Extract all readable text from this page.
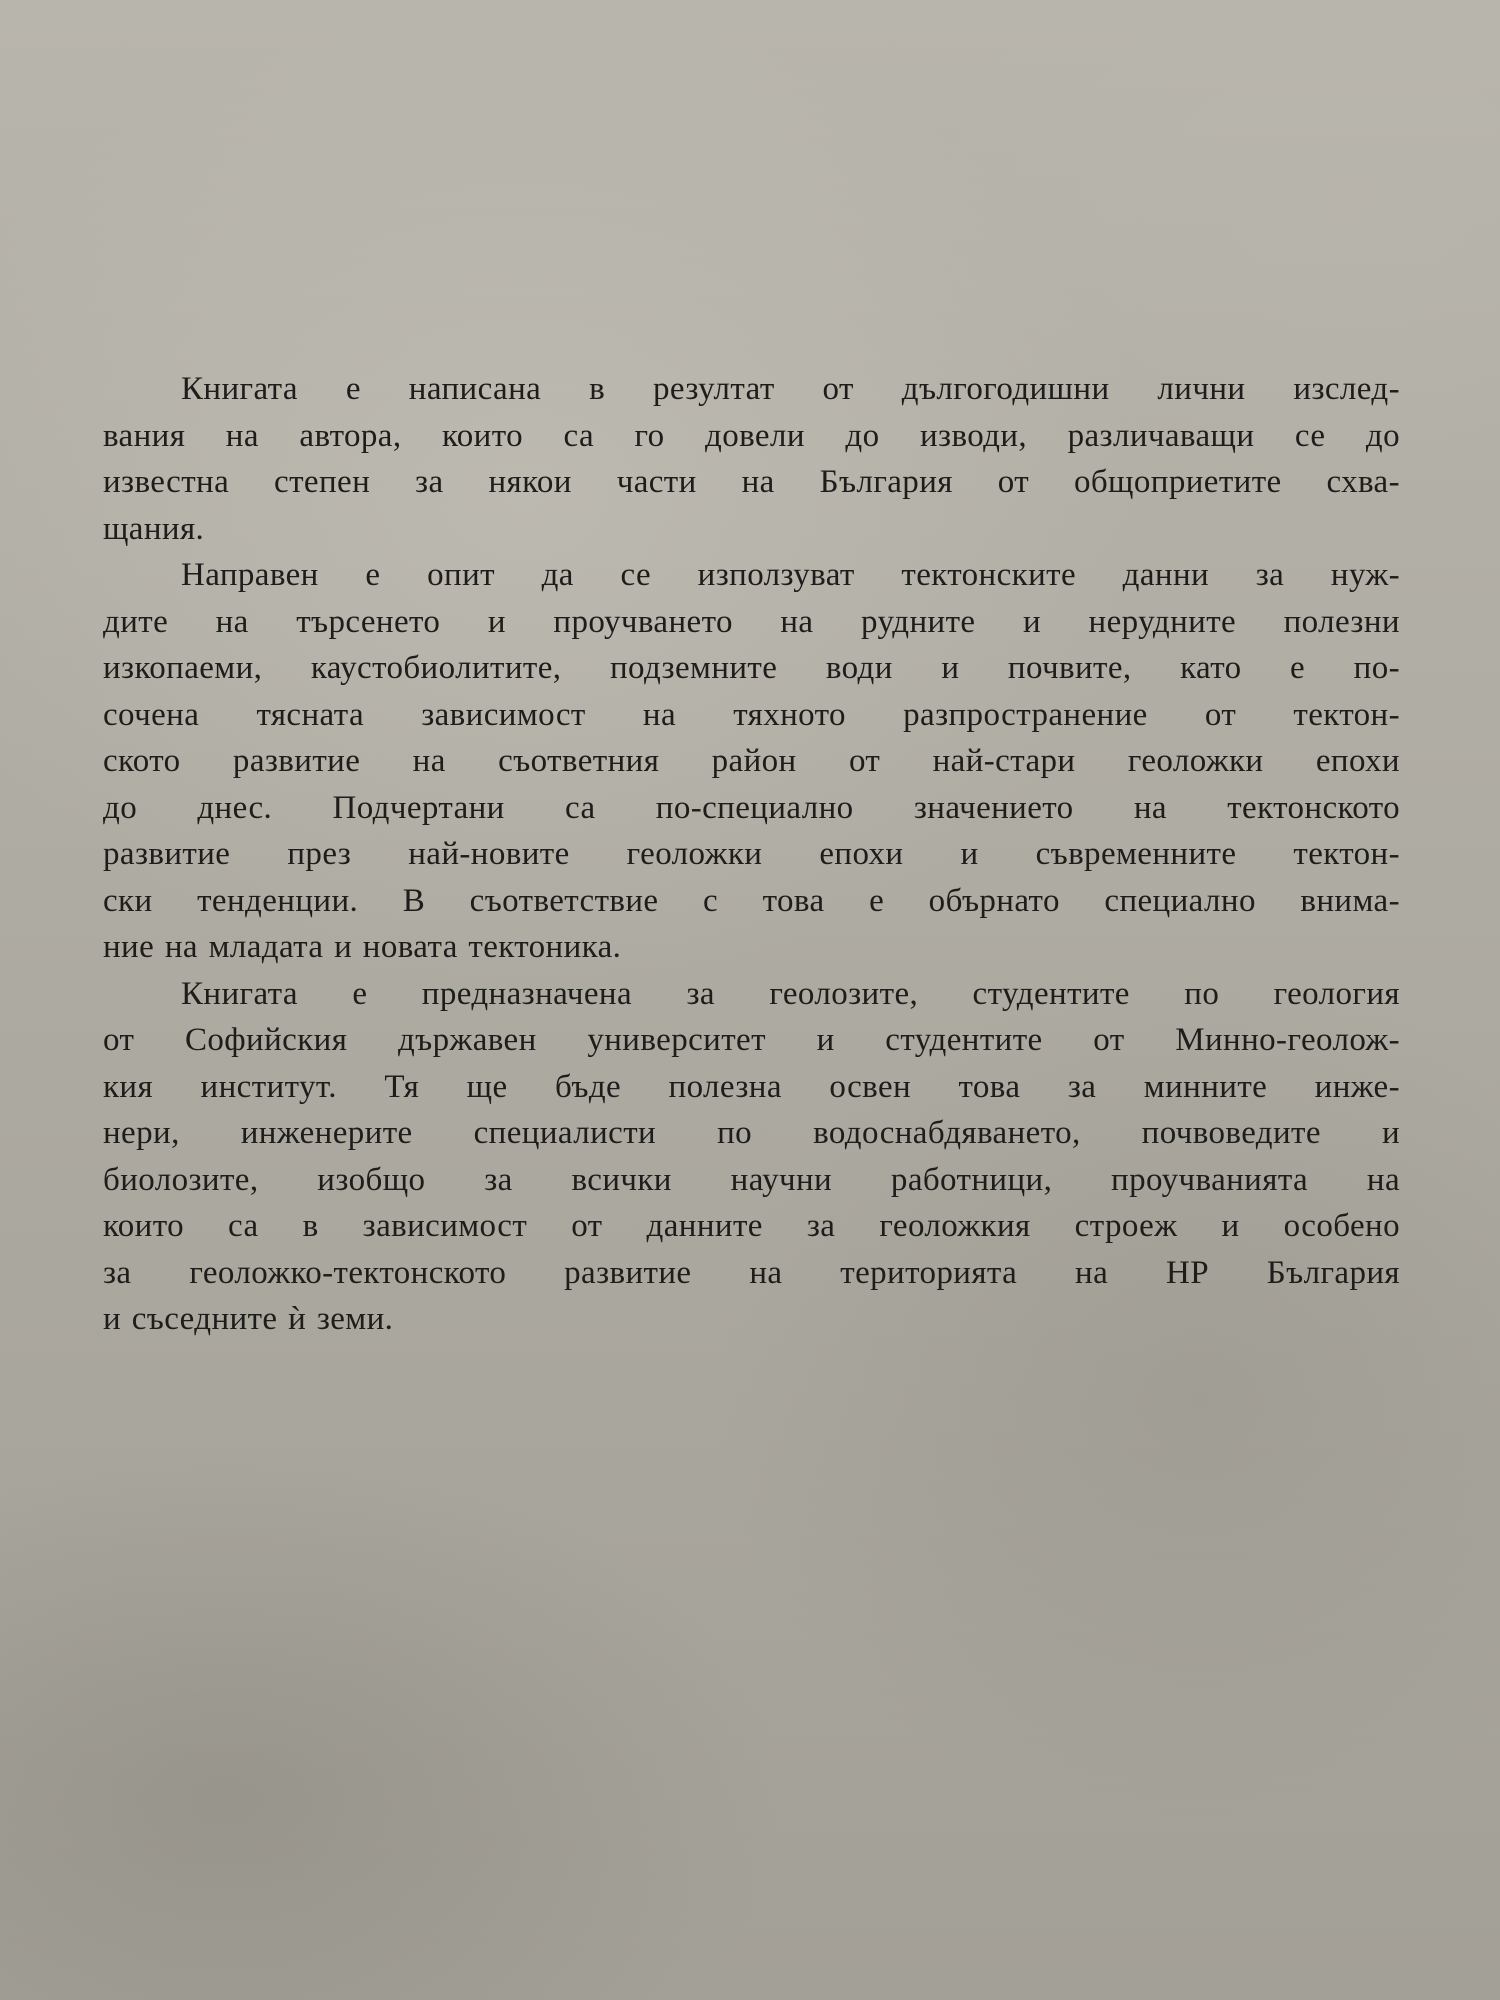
Книгата е написана в резултат от дългогодишни лични изслед-
вания на автора, които са го довели до изводи, различаващи се до
известна степен за някои части на България от общоприетите схва-
щания.
Направен е опит да се използуват тектонските данни за нуж-
дите на търсенето и проучването на рудните и нерудните полезни
изкопаеми, каустобиолитите, подземните води и почвите, като е по-
сочена тясната зависимост на тяхното разпространение от тектон-
ското развитие на съответния район от най-стари геоложки епохи
до днес. Подчертани са по-специално значението на тектонското
развитие през най-новите геоложки епохи и съвременните тектон-
ски тенденции. В съответствие с това е обърнато специално внима-
ние на младата и новата тектоника.
Книгата е предназначена за геолозите, студентите по геология
от Софийския държавен университет и студентите от Минно-геолож-
кия институт. Тя ще бъде полезна освен това за минните инже-
нери, инженерите специалисти по водоснабдяването, почвоведите и
биолозите, изобщо за всички научни работници, проучванията на
които са в зависимост от данните за геоложкия строеж и особено
за геоложко-тектонското развитие на територията на НР България
и съседните ѝ земи.
